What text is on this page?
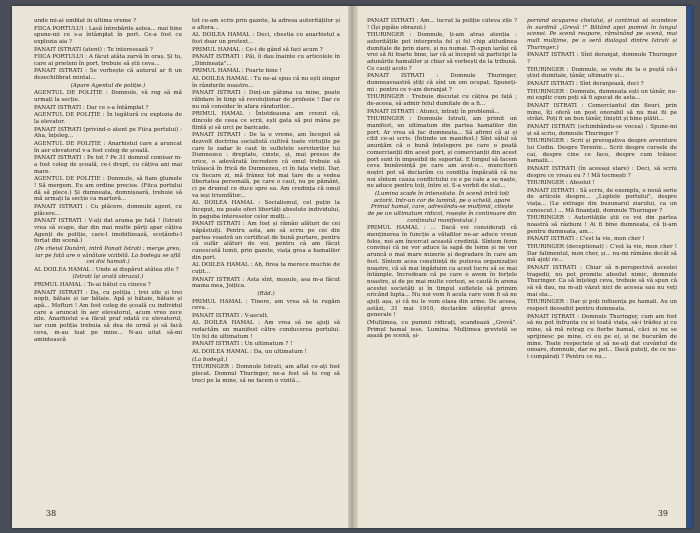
unde mi-ai umblat în ultima vreme ?

FIICA PORTULUI : Lasă întrebările astea... mai bine spune-mi ce s-a întâmplat în port. Ce-a fost cu explozia aia ?

PANAIT ISTRATI (atent) : Te interesează ?

FIICA PORTULUI : A făcut atâta zarvă în oraș. Și tu, care ai prieteni în port, trebuie să știi ceva...

PANAIT ISTRATI : Se vorbește că autorul ar fi un dezechilibrat mintal...

(Apare Agentul de poliție.)

AGENTUL DE POLIȚIE : Domnule, vă rog să mă urmați la secție.

PANAIT ISTRATI : Dar ce s-a întâmplat ?

AGENTUL DE POLIȚIE : În legătură cu explozia de la elevator.

PANAIT ISTRATI (privind-o atent pe Fiica portului) : Aha, înțeleg...

AGENTUL DE POLIȚIE : Anarhistul care a aruncat în aer elevatorul v-a fost coleg de școală.

PANAIT ISTRATI : Pe tot ? Pe 31 domnul comisar m-a fost coleg de școală, ce-i drept, cu câțiva ani mai mare.

AGENTUL DE POLIȚIE : Domnule, să fiam glumele ! Să mergem. Eu am ordine precise. (Fiica portului dă să plece.) Și dumneata, domnișoară, trebuie să mă urmați la secție ca martoră...

PANAIT ISTRATI : Cu plăcere, domnule agent, cu plăcere...

PANAIT ISTRATI : V-ați dat arama pe față ! (Istrati vrea să scape, dar din mai multe părți apar câțiva Agenți de poliție, care-l imobilizează, scoțându-l forțat din scenă.)

(Pe cheiul Dunării, intră Panait Istrati ; merge greu, iar pe față are o vânătaie vizibilă. La bodega se află cei doi hamali.)

AL DOILEA HAMAL : Unde ai dispărut atâtea zile ?

(Istrati își arată obrazul.)

PRIMUL HAMAL : Te-ai bătut cu cineva ?

PANAIT ISTRATI : Da, cu poliția ; trei zile și trei nopți, bătaie și iar bătaie. Apă și bătaie, bătaie și apă... Mofturi ! Am fost coleg de școală cu individul care a aruncat în aer elevatorul, acum vreo zece zile. Anarhistul s-a făcut praf odată cu elevatorul, iar cum poliția trebuia să dea de urmă și să facă ceva, m-au luat pe mine... N-au uitat să-mi amintească

tot ce-am scris prin gazete, la adresa autorităților și a altora...

AL DOILEA HAMAL : Deci, chestia cu anarhistul a fost doar un pretext...

PRIMUL HAMAL : Ce-i de gând să faci acum ?

PANAIT ISTRATI : Păi, îi dau înainte cu articolele în „Dimineața"...

PRIMUL HAMAL : Foarte bine !

AL DOILEA HAMAL : Tu ne-ai spus că nu ești singur în rândurile noastre...

PANAIT ISTRATI : Dinț-un pătima ca mine, poate răbdare în timp să revoluționar de profesie ! Dar ce nu mă consider în afara rândurilor...

PRIMUL HAMAL : Întotdeauna am crezut că, dincolo de ceea ce scrii, ești gata să pui mâna pe flintă și să urci pe baricade.

PANAIT ISTRATI : De la o vreme, am început să dezvolt doctrina socialistă cultivă toate virtuțile pe care le zadar le caut în sufletele servitorilor lui Dumnezeu : dreptate, cinste, și, mai presus de orice, o adevărată încredere că omul trebuie să trăiască în frică de Dumnezeu, ci în fața vieții. Dar, cu fiecare zi, mă frânez tot mai tare de a vedea libertatea personală, pe care o caut, nu pe pământ, ci pe drumul ce duce spre ea. Am credința că omul va ieși triumfător...

AL DOILEA HAMAL : Socialismul, cel puțin la început, nu poate oferi libertăți absolute individului, în paguba intereselor celor mulți...

PANAIT ISTRATI : Am fost și rămân alături de cei năpăstuiți. Pentru asta, am să scriu pe cei din partea voastră un certificat de bună purtare, pentru că sufăr alături de voi, pentru că am făcut cunoscută lumii, prin gazete, viața grea a hamalilor din port.

AL DOILEA HAMAL : Ah, firea ta merece muchie de cuțit...

PANAIT ISTRATI : Asta sînt, moșule, asa m-a făcut mama mea, Joițica.

(Râd.)

PRIMUL HAMAL : Tinere, am vrea să te rugăm ceva...

PANAIT ISTRATI : V-ascult.

AL DOILEA HAMAL : Am vrea să ne ajuți să redactăm un manifest către conducerea portului. Un fel de ultimatum !

PANAIT ISTRATI : Un ultimatum ? !

AL DOILEA HAMAL : Da, un ultimatum !

(La bodegă.)

THURINGER : Domnule Istrati, am aflat ce-ați fost plecat. Domnul Thuringer, ne-a fost să te rog să treci pe la mine, să ne facem o vizită...

PANAIT ISTRATI : Am... lucrat la poliție câteva zile ? ! (Își pipăie obrazul.)

THURINGER : Domnule, ți-am atras atenția : autoritățile pot interpreta fel și fel chip atitudinea dumitale de prin ziare, și nu numai. Ți-spun iarăși că vrei să fii foarte bine, iar că ai început să participi la adunările hamalilor și chiar să vorbești de la tribună. Ce cauți acolo ?

PANAIT ISTRATI : Domnule Thuringer, dumneavoastră știți că sînt un om ocupat. Spuneți-mi : pentru ce v-am deranjat ?

THURINGER : Trebuie discutat cu câțiva pe față ; de-aceea, să admir felul dumitale de a fi...

PANAIT ISTRATI : Atunci, intrați în problemă...

THURINGER : Domnule Istrati, am primit un manifest, un ultimatum din partea hamalilor din port. Ar vrea să fac dumneata... Să afirmi că ai și citit ce-ai scris. (Întinde un manifest.) Sînt sătul să anunțăm că o bună înțelegere pe care o poată comercianții din acest port, și comercianții din acest port sunt în imposibil de suportat. E timpul să facem ceva bunăvoință pe care am avut-o... muncitorii noștri pot să declarăm cu condiția împăcată că nu noi sîntem cauza conflictului ce e pe cale a se naște, ne aduce pentru toți, între ei. S-a vorbit de stat...

(Lumina scade în intensitate. În scenă intră toți actorii. Intr-un cor de lumină, pe o schelă, apare Primul hamal, care, adresându-se mulțimii, citește de pe un ultimatum ridicol, roșește în continuare din conținutul manifestului.)

PRIMUL HAMAL : ... Dacă voi considerați că menținerea în funcție a vătafilor ne-ar aduce vreun folos, noi am încercat această credință. Sîntem ferm convinși că ne vor aduce la sapă de lemn și ne vor aruncă o mai mare mizerie și degradare în care am fost. Sîntem acea conștiință de puterea organizației noastre, că să mai îngăduim ca acest lucru să se mai întâmple. Incredeam că pe care o avem în forțele noastre, și de pe mai multe cortezi, se caută în arena acestei societăți și în timpul sufletele să primim oricând lupta... Nu noi vom fi acela care vom fi să ne ajuți așa, și că nu le vom elasa din arme. De aceea, astăzi, 31 mai 1910, declarăm sfârșitul greve generale !

(Mulțimea, cu pumnii ridicați, scandează „Grevă". Primul hamal iese. Lumina. Mulțimea grevistă se așază pe scenă, și-

pornind ocuparea cheiului, și continuă să scandeze în surdină „Grevă !" Bătând apoi pumnii în lungul scenei. Pe scenă reapare, rămânând pe scenă, mai mult mulțime, pe o seră dialogul dintre Istrati și Thuringer.)

PANAIT ISTRATI : Sînt deranjat, domnule Thuringer ?

THURINGER : Domnule, se vede de la o poștă că-i știut dumitale, tânăr, ultimativ și...

PANAIT ISTRATI : Sînt deranjează, deci ?

THURINGER : Domnule, dumneata ești un tânăr, nu-mi explic cum poți să fi apucat de asta...

PANAIT ISTRATI : Comerciantul din fleuri, prin mine, îți oferă un post onorabil să nu mai fii pe străzi. Poți fi un bun tânăr, liniștit și bine plătit...

PANAIT ISTRATI (schimbându-se vocea) : Spune-mi și să scriu, domnule Thuringer ?

THURINGER : Scrii și prerogativa despre avventure lui Codin. Despre Terente... Scrii despre cursele de cai, despre cine ce face, despre cum trăiesc hamalii...

PANAIT ISTRATI (în aceeași stare) : Deci, să scriu despre ce vreau eu ? ! Mă tocmești ?

THURINGER : Absolut !

PANAIT ISTRATI : Să scriu, de exemplu, o nouă serie de articole despre... „Luptele portului", despre viața... (Le extrage din buzunarul ziarului, ca un cunoscut.) ... Mă finanțați, domnule Thuringer ?

THURINGER : Autoritățile știi ce voi din partea noastră să răzbuni ! Ai fi bine dumneata, că ți-am pentru dumneata, am...

PANAIT ISTRATI : C'est la vie, mon cher !

THURINGER (deceptionat) : C'est la vie, mon cher ! Dar falimentul, mon cher, și... nu-mi rămâne decât să mă ajuți ce...

PANAIT ISTRATI : Chiar să n-perspectivă acestei tragedii, nu pot promite absolut nimic, domnule Thuringer. Ca să înțelegi ceva, trebuie să vă spun că să vă dau, nu m-ați văzut nici de acesea sau nu veți mai sta...

THURINGER : Dar și poți influența pe hamali. Au un respect deosebit pentru dumneata.

PANAIT ISTRATI : Domnule Thuringer, cum am fost să nu pot înfrunta cu ei toată viața, să-i trădez și cu mine, să mă retrag cu fierbe hamal, căci ei nu se sprijinesc pe mine, ci eu pe ei, și ne bucurăm de mine. Toate respectele și să ne-ați dat cuvântul de onoare, domnule, dar nu pot... Dacă puteți, de ce nu-i cumpărați ? Pentru ce nu...

38	39
